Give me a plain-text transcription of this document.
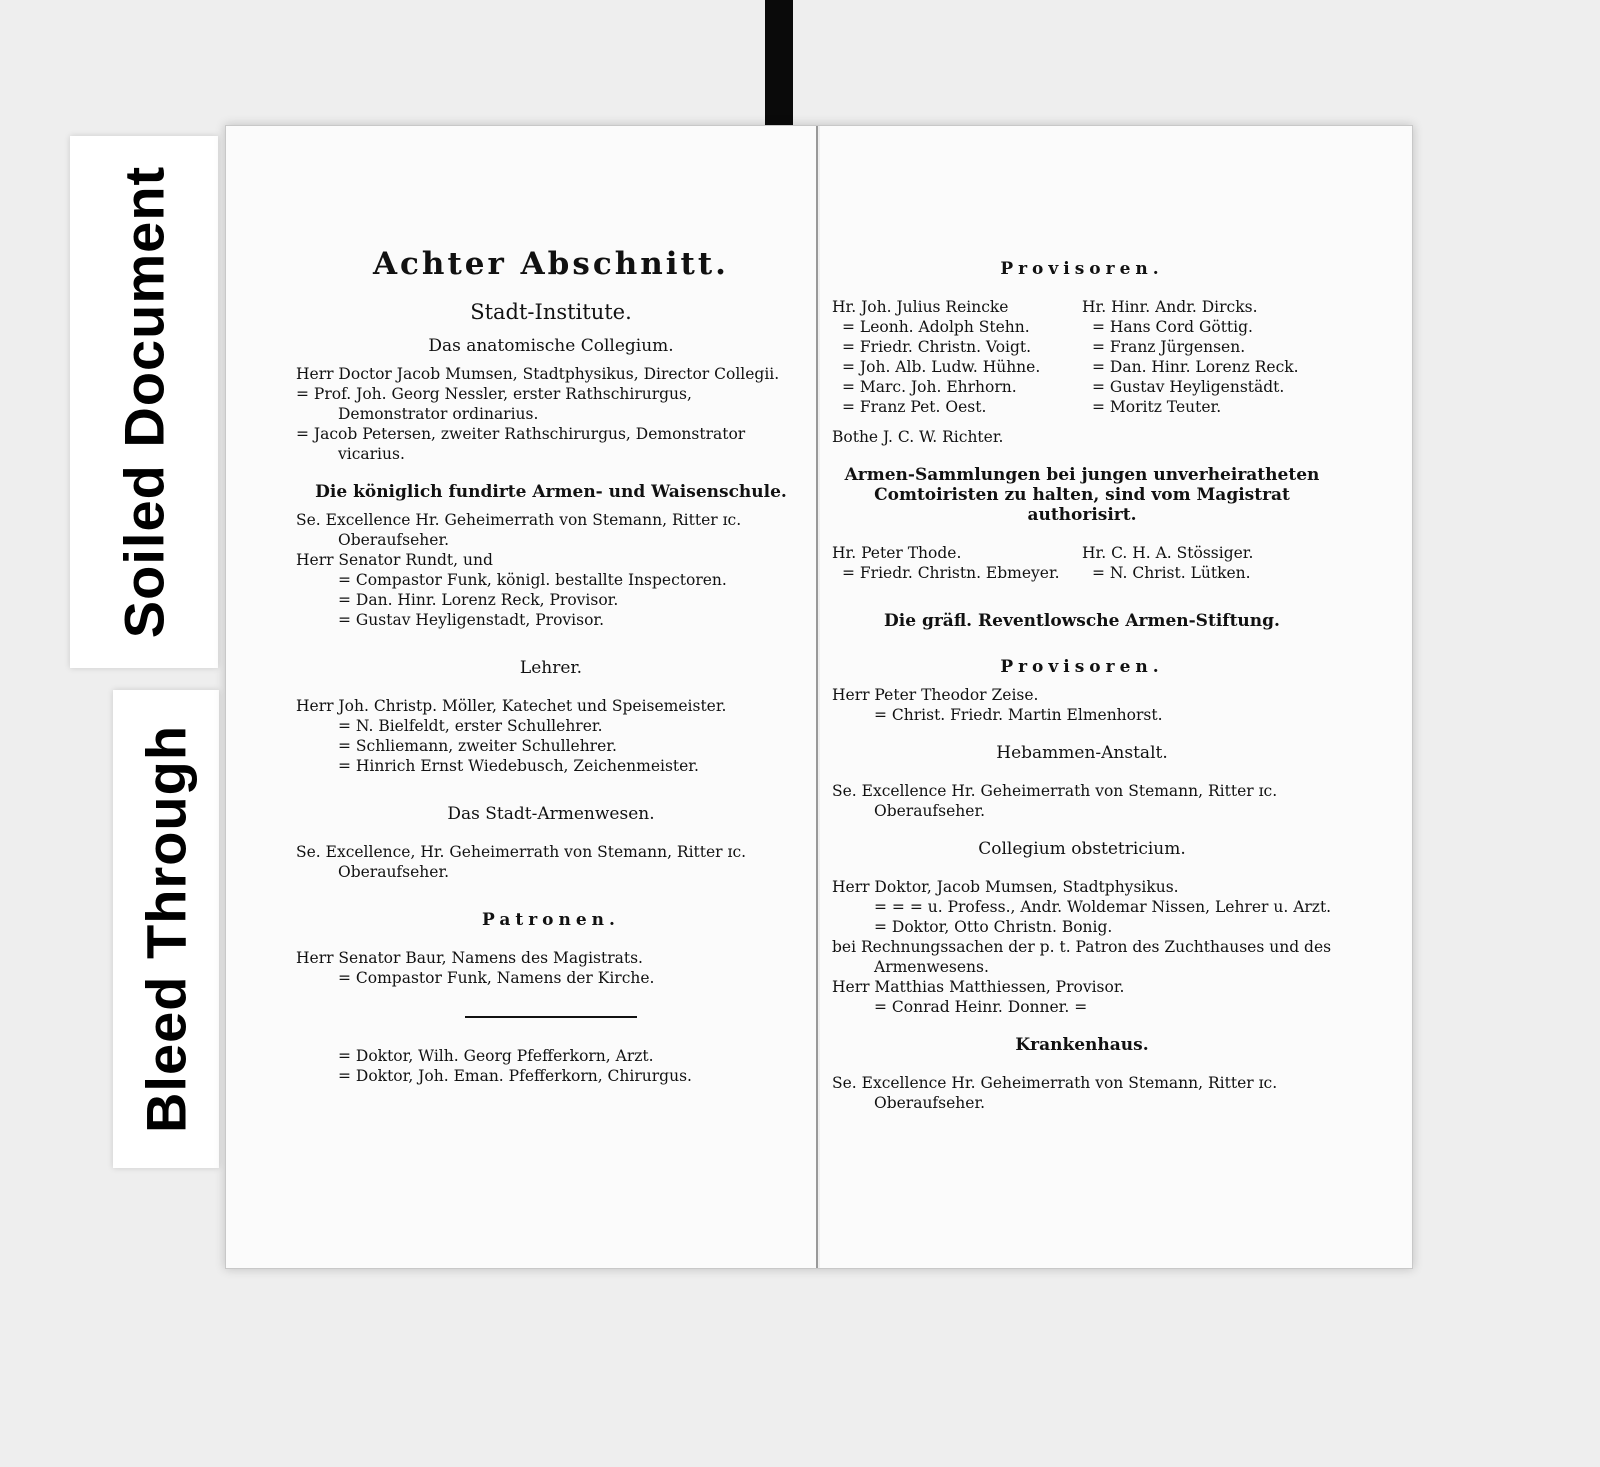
Soiled Document
Bleed Through
Achter Abschnitt.
Stadt-Institute.
Das anatomische Collegium.

Herr Doctor Jacob Mumsen, Stadtphysikus, Director Collegii.

= Prof. Joh. Georg Nessler, erster Rathschirurgus, Demonstrator ordinarius.

= Jacob Petersen, zweiter Rathschirurgus, Demonstrator vicarius.

Die königlich fundirte Armen- und Waisenschule.

Se. Excellence Hr. Geheimerrath von Stemann, Ritter ɪc. Oberaufseher.

Herr Senator Rundt, und

= Compastor Funk, königl. bestallte Inspectoren.

= Dan. Hinr. Lorenz Reck, Provisor.

= Gustav Heyligenstadt, Provisor.

Lehrer.

Herr Joh. Christp. Möller, Katechet und Speisemeister.

= N. Bielfeldt, erster Schullehrer.

= Schliemann, zweiter Schullehrer.

= Hinrich Ernst Wiedebusch, Zeichenmeister.

Das Stadt-Armenwesen.

Se. Excellence, Hr. Geheimerrath von Stemann, Ritter ɪc. Oberaufseher.

Patronen.

Herr Senator Baur, Namens des Magistrats.

= Compastor Funk, Namens der Kirche.

= Doktor, Wilh. Georg Pfefferkorn, Arzt.

= Doktor, Joh. Eman. Pfefferkorn, Chirurgus.

Provisoren.

Hr. Joh. Julius Reincke

= Leonh. Adolph Stehn.

= Friedr. Christn. Voigt.

= Joh. Alb. Ludw. Hühne.

= Marc. Joh. Ehrhorn.

= Franz Pet. Oest.

Hr. Hinr. Andr. Dircks.

= Hans Cord Göttig.

= Franz Jürgensen.

= Dan. Hinr. Lorenz Reck.

= Gustav Heyligenstädt.

= Moritz Teuter.

Bothe J. C. W. Richter.

Armen-Sammlungen bei jungen unverheiratheten Comtoiristen zu halten, sind vom Magistrat authorisirt.

Hr. Peter Thode.

= Friedr. Christn. Ebmeyer.

Hr. C. H. A. Stössiger.

= N. Christ. Lütken.

Die gräfl. Reventlowsche Armen-Stiftung.
Provisoren.

Herr Peter Theodor Zeise.

= Christ. Friedr. Martin Elmenhorst.

Hebammen-Anstalt.

Se. Excellence Hr. Geheimerrath von Stemann, Ritter ɪc. Oberaufseher.

Collegium obstetricium.

Herr Doktor, Jacob Mumsen, Stadtphysikus.

= = = u. Profess., Andr. Woldemar Nissen, Lehrer u. Arzt.

= Doktor, Otto Christn. Bonig.

bei Rechnungssachen der p. t. Patron des Zuchthauses und des Armenwesens.

Herr Matthias Matthiessen, Provisor.

= Conrad Heinr. Donner. =

Krankenhaus.

Se. Excellence Hr. Geheimerrath von Stemann, Ritter ɪc. Oberaufseher.
